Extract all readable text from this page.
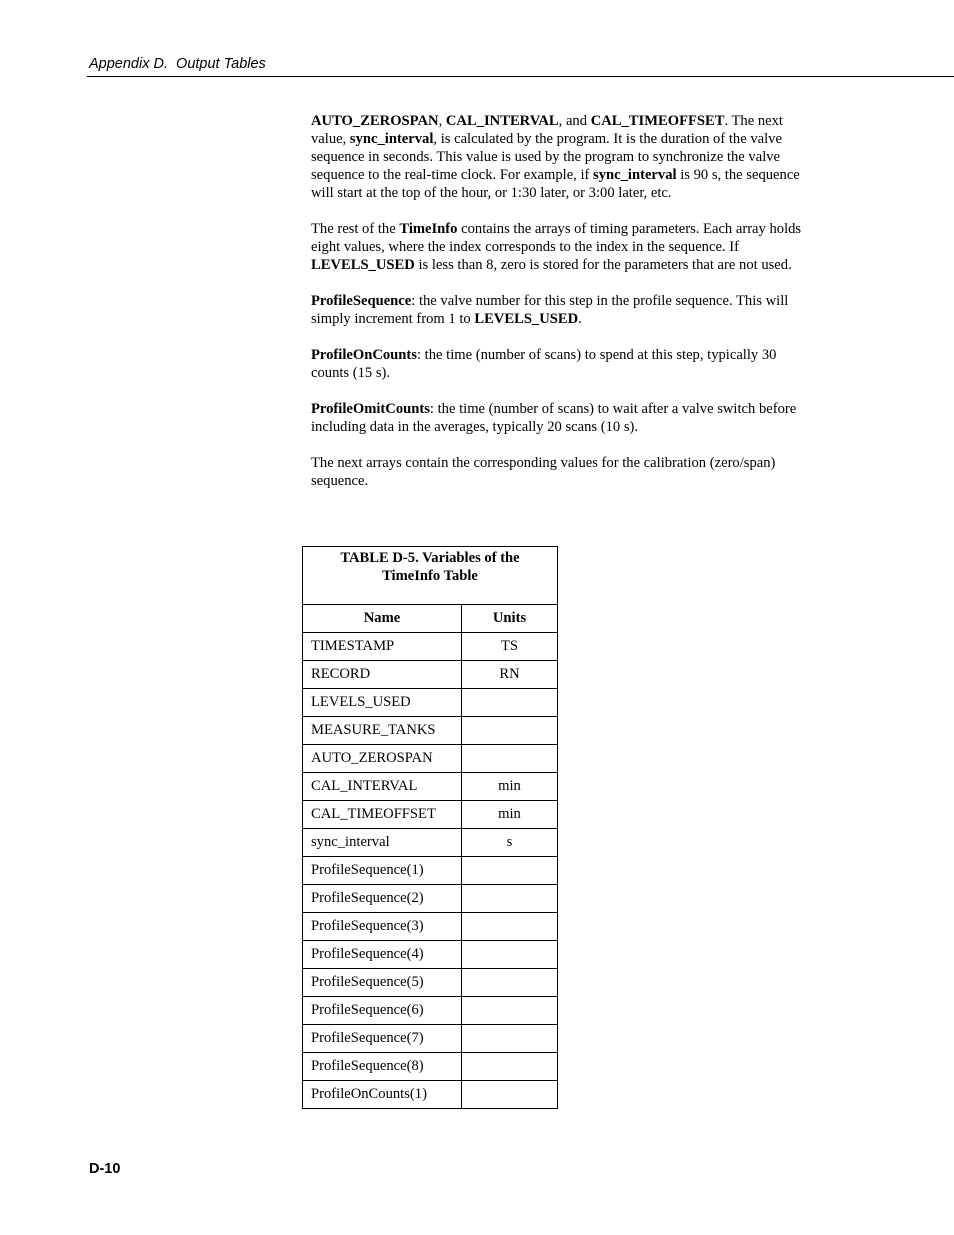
Appendix D.  Output Tables

AUTO_ZEROSPAN, CAL_INTERVAL, and CAL_TIMEOFFSET. The next value, sync_interval, is calculated by the program. It is the duration of the valve sequence in seconds. This value is used by the program to synchronize the valve sequence to the real-time clock. For example, if sync_interval is 90 s, the sequence will start at the top of the hour, or 1:30 later, or 3:00 later, etc.

The rest of the TimeInfo contains the arrays of timing parameters. Each array holds eight values, where the index corresponds to the index in the sequence. If LEVELS_USED is less than 8, zero is stored for the parameters that are not used.

ProfileSequence: the valve number for this step in the profile sequence. This will simply increment from 1 to LEVELS_USED.

ProfileOnCounts: the time (number of scans) to spend at this step, typically 30 counts (15 s).

ProfileOmitCounts: the time (number of scans) to wait after a valve switch before including data in the averages, typically 20 scans (10 s).

The next arrays contain the corresponding values for the calibration (zero/span) sequence.

TABLE D-5. Variables of the TimeInfo Table	

Name	Units
TIMESTAMP	TS
RECORD	RN
LEVELS_USED	
MEASURE_TANKS	
AUTO_ZEROSPAN	
CAL_INTERVAL	min
CAL_TIMEOFFSET	min
sync_interval	s
ProfileSequence(1)	
ProfileSequence(2)	
ProfileSequence(3)	
ProfileSequence(4)	
ProfileSequence(5)	
ProfileSequence(6)	
ProfileSequence(7)	
ProfileSequence(8)	
ProfileOnCounts(1)	
D-10
